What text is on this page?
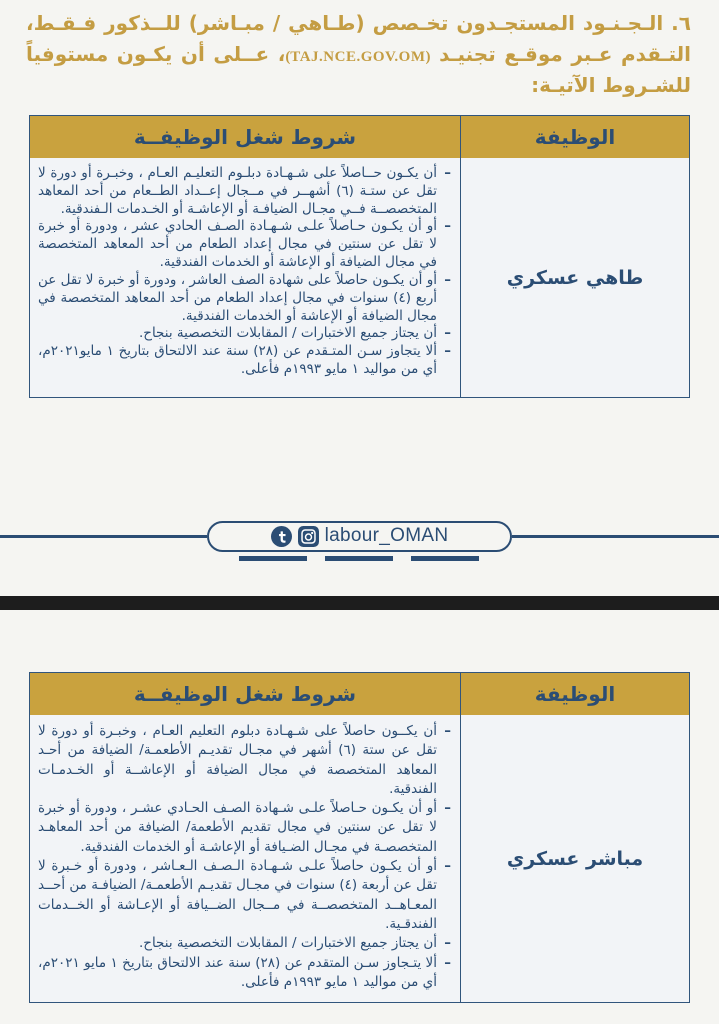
٦. الـجـنـود المستجـدون تخـصص (طـاهي / مبـاشر) للــذكور فـقـط، التـقدم عـبر موقـع تجنيـد (TAJ.NCE.GOV.OM)، عــلى أن يكـون مستوفياً للشـروط الآتيـة:

الوظيفة
شروط شغل الوظيفــة
طاهي عسكري
–
أن يكـون حــاصلاً على شـهـادة دبلـوم التعليـم العـام ، وخبـرة أو دورة لا تقل عن ستـة (٦) أشهــر في مــجال إعــداد الطــعام من أحد المعاهد المتخصصــة فــي مجـال الضيافـة أو الإعاشـة أو الخـدمات الـفندقية.
–
أو أن يكـون حـاصلاً علـى شـهـادة الصـف الحادي عشر ، ودورة أو خبرة لا تقل عن سنتين في مجال إعداد الطعام من أحد المعاهد المتخصصة في مجال الضيافة أو الإعاشة أو الخدمات الفندقية.
–
أو أن يكـون حاصلاً على شهادة الصف العاشر ، ودورة أو خبرة لا تقل عن أربع (٤) سنوات في مجال إعداد الطعام من أحد المعاهد المتخصصة في مجال الضيافة أو الإعاشة أو الخدمات الفندقية.
–
أن يجتاز جميع الاختبارات / المقابلات التخصصية بنجاح.
–
ألا يتجاوز سـن المتـقدم عن (٢٨) سنة عند الالتحاق بتاريخ ١ مايو٢٠٢١م، أي من مواليد ١ مايو ١٩٩٣م فأعلى.
labour_OMAN
الوظيفة
شروط شغل الوظيفــة
مباشر عسكري
–
أن يكــون حاصلاً على شـهـادة دبلوم التعليم العـام ، وخبـرة أو دورة لا تقل عن ستة (٦) أشهر في مجـال تقديـم الأطعمـة/ الضيافة من أحـد المعاهد المتخصصة في مجال الضيافة أو الإعاشــة أو الخـدمـات الفندقية.
–
أو أن يكـون حـاصلاً علـى شـهادة الصـف الحـادي عشـر ، ودورة أو خبرة لا تقل عن سنتين في مجال تقديم الأطعمة/ الضيافة من أحد المعاهـد المتخصصـة في مجـال الضـيافة أو الإعاشـة أو الخدمات الفندقية.
–
أو أن يكـون حاصلاً علـى شـهـادة الـصـف الـعـاشر ، ودورة أو خـبرة لا تقل عن أربعة (٤) سنوات في مجـال تقديـم الأطعمـة/ الضيافـة من أحــد المعـاهــد المتخصصــة في مــجال الضــيافة أو الإعـاشة أو الخــدمات الفندقـية.
–
أن يجتاز جميع الاختبارات / المقابلات التخصصية بنجاح.
–
ألا يتـجاوز سـن المتقدم عن (٢٨) سنة عند الالتحاق بتاريخ ١ مايو ٢٠٢١م، أي من مواليد ١ مايو ١٩٩٣م فأعلى.
